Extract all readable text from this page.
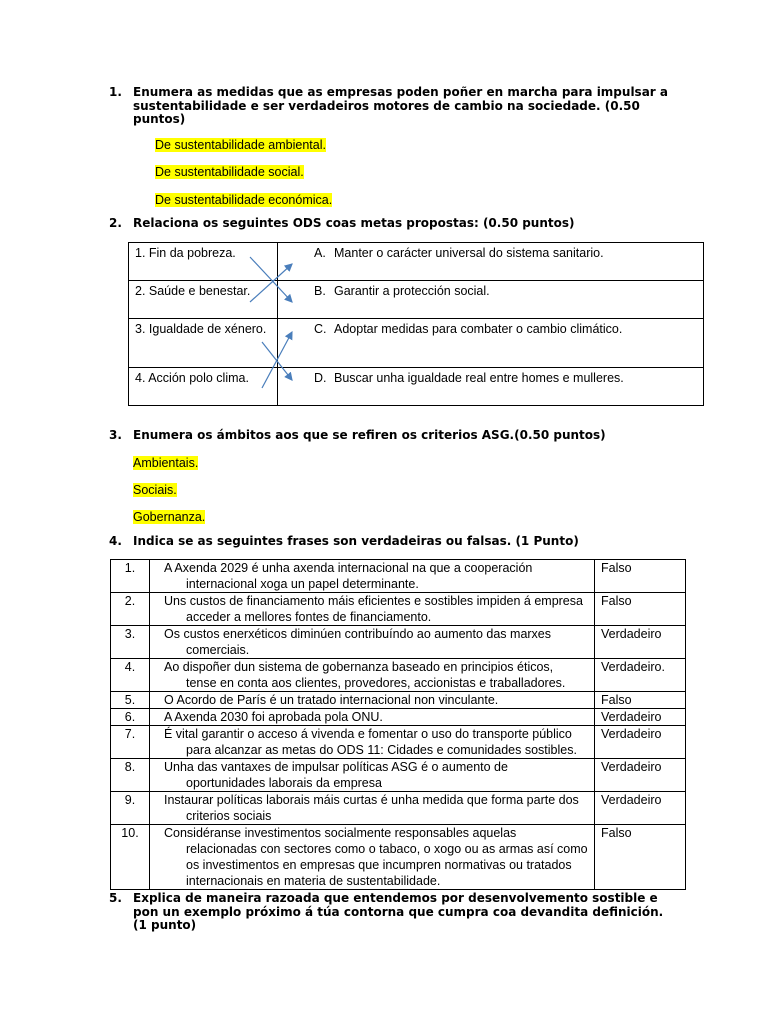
1. Enumera as medidas que as empresas poden poñer en marcha para impulsar a sustentabilidade e ser verdadeiros motores de cambio na sociedade. (0.50 puntos)
De sustentabilidade ambiental.
De sustentabilidade social.
De sustentabilidade económica.
2. Relaciona os seguintes ODS coas metas propostas: (0.50 puntos)
1. Fin da pobreza.	A. Manter o carácter universal do sistema sanitario.
2. Saúde e benestar.	B. Garantir a protección social.
3. Igualdade de xénero.	C. Adoptar medidas para combater o cambio climático.
4. Acción polo clima.	D. Buscar unha igualdade real entre homes e mulleres.
3. Enumera os ámbitos aos que se refiren os criterios ASG.(0.50 puntos)
Ambientais.
Sociais.
Gobernanza.
4. Indica se as seguintes frases son verdadeiras ou falsas. (1 Punto)
1.	A Axenda 2029 é unha axenda internacional na que a cooperación
internacional xoga un papel determinante.	Falso
2.	Uns custos de financiamento máis eficientes e sostibles impiden á empresa
acceder a mellores fontes de financiamento.	Falso
3.	Os custos enerxéticos diminúen contribuíndo ao aumento das marxes
comerciais.	Verdadeiro
4.	Ao dispoñer dun sistema de gobernanza baseado en principios éticos,
tense en conta aos clientes, provedores, accionistas e traballadores.	Verdadeiro.
5.	O Acordo de París é un tratado internacional non vinculante.	Falso
6.	A Axenda 2030 foi aprobada pola ONU.	Verdadeiro
7.	É vital garantir o acceso á vivenda e fomentar o uso do transporte público
para alcanzar as metas do ODS 11: Cidades e comunidades sostibles.	Verdadeiro
8.	Unha das vantaxes de impulsar políticas ASG é o aumento de
oportunidades laborais da empresa	Verdadeiro
9.	Instaurar políticas laborais máis curtas é unha medida que forma parte dos
criterios sociais	Verdadeiro
10.	Considéranse investimentos socialmente responsables aquelas
relacionadas con sectores como o tabaco, o xogo ou as armas así como os investimentos en empresas que incumpren normativas ou tratados internacionais en materia de sustentabilidade.	Falso
5. Explica de maneira razoada que entendemos por desenvolvemento sostible e pon un exemplo próximo á túa contorna que cumpra coa devandita definición. (1 punto)
